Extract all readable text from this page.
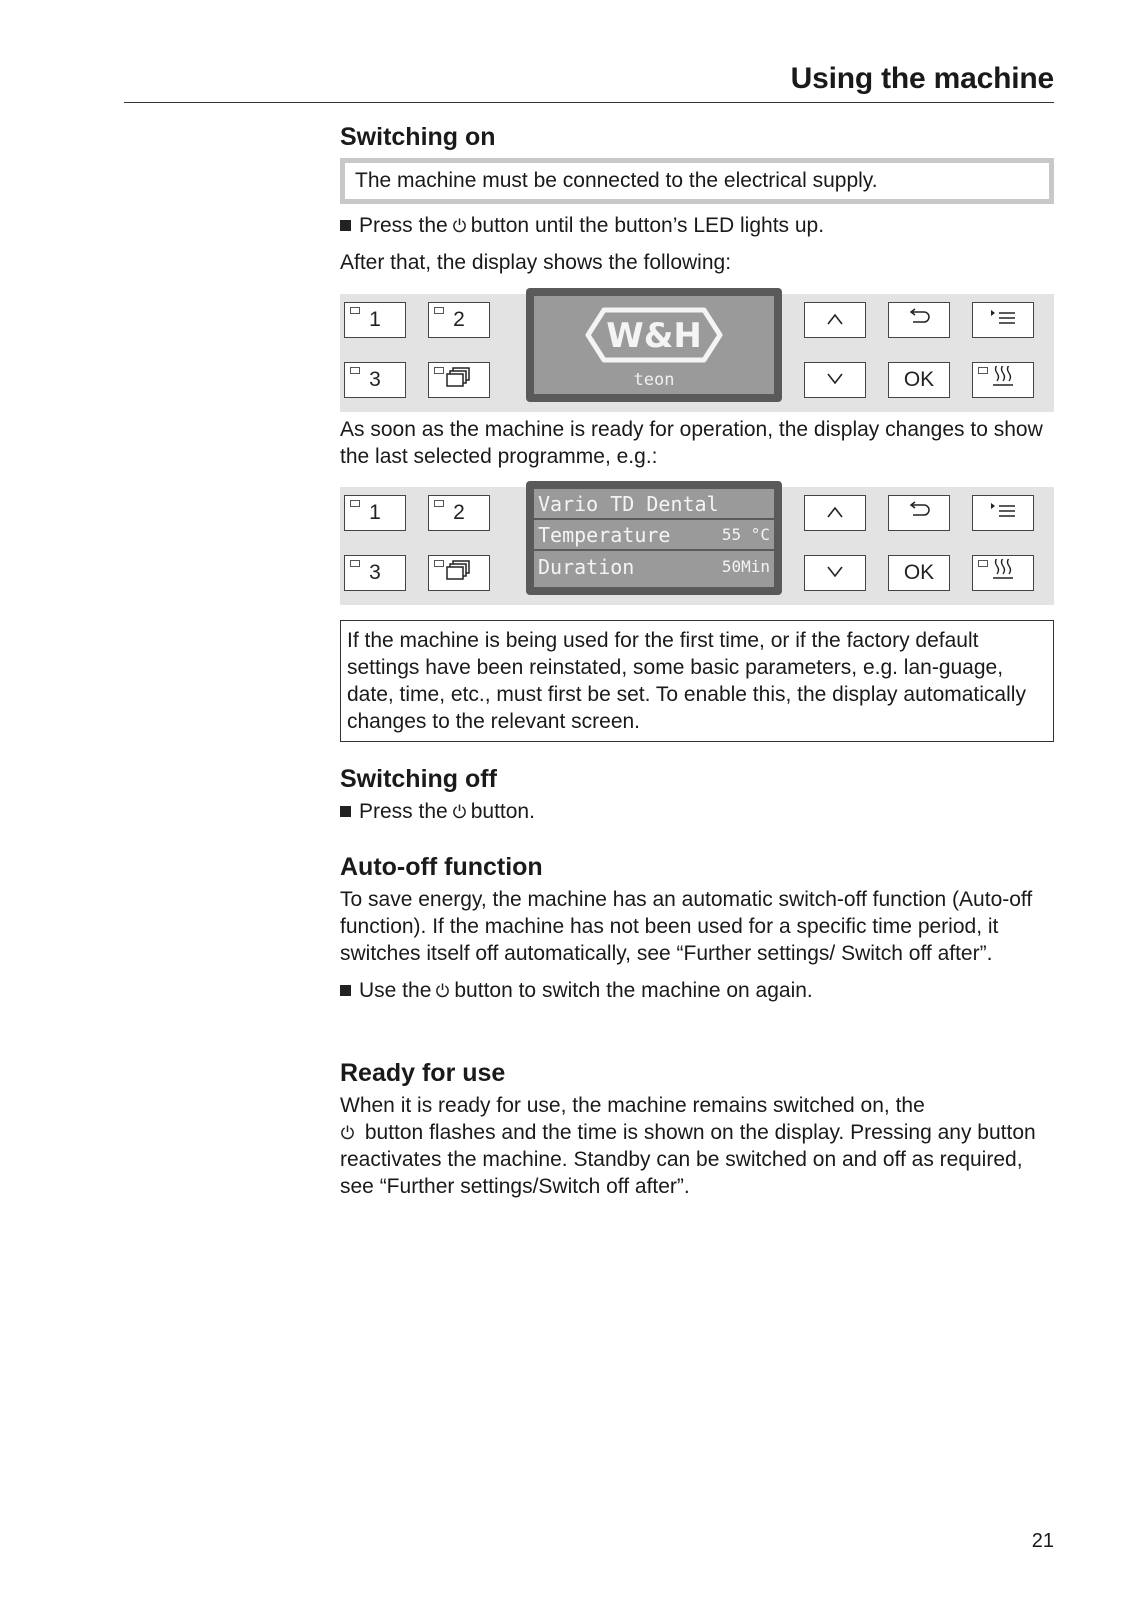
Using the machine
Switching on
The machine must be connected to the electrical supply.
Press the button until the button’s LED lights up.

After that, the display shows the following:

1	2
3
W&H
teon	OK

As soon as the machine is ready for operation, the display changes to show the last selected programme, e.g.:

1	2
3
Vario TD Dental
Temperature	55 °C
Duration	50Min	OK
If the machine is being used for the first time, or if the factory default settings have been reinstated, some basic parameters, e.g. lan-guage, date, time, etc., must first be set. To enable this, the display automatically changes to the relevant screen.
Switching off
Press the button.
Auto-off function

To save energy, the machine has an automatic switch-off function (Auto-off function). If the machine has not been used for a specific time period, it switches itself off automatically, see “Further settings/ Switch off after”.

Use the button to switch the machine on again.
Ready for use

When it is ready for use, the machine remains switched on, the

button flashes and the time is shown on the display. Pressing any button reactivates the machine. Standby can be switched on and off as required, see “Further settings/Switch off after”.

21
